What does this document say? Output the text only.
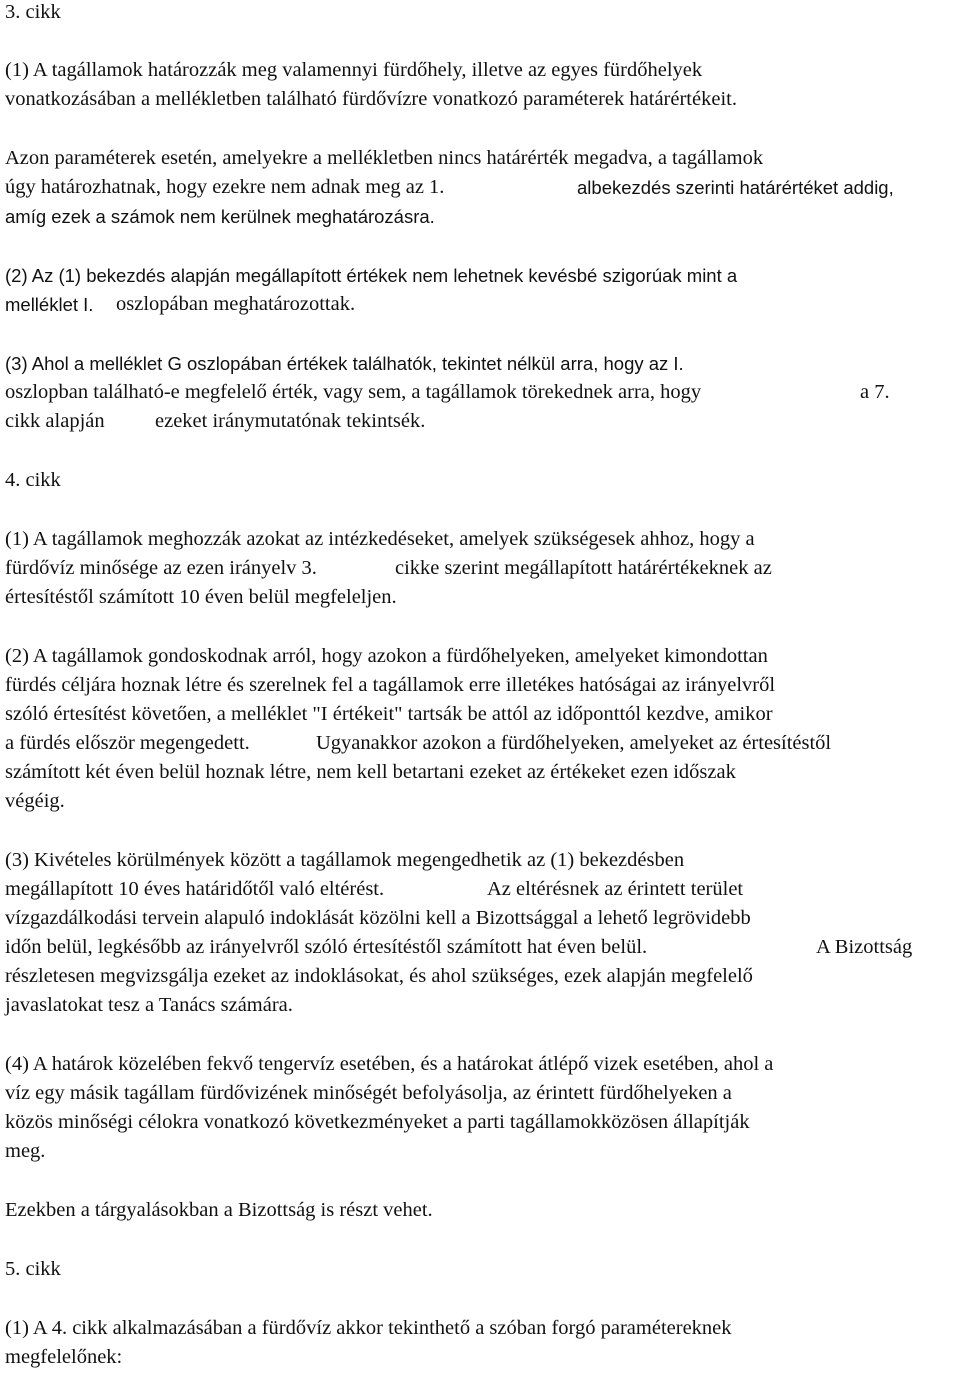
3. cikk
(1) A tagállamok határozzák meg valamennyi fürdőhely, illetve az egyes fürdőhelyek
vonatkozásában a mellékletben található fürdővízre vonatkozó paraméterek határértékeit.
Azon paraméterek esetén, amelyekre a mellékletben nincs határérték megadva, a tagállamok
úgy határozhatnak, hogy ezekre nem adnak meg az 1.	albekezdés szerinti határértéket addig,
amíg ezek a számok nem kerülnek meghatározásra.
(2) Az (1) bekezdés alapján megállapított értékek nem lehetnek kevésbé szigorúak mint a
melléklet I. oszlopában meghatározottak.
(3) Ahol a melléklet G oszlopában értékek találhatók, tekintet nélkül arra, hogy az I.
oszlopban található-e megfelelő érték, vagy sem, a tagállamok törekednek arra, hogy	a 7.
cikk alapján ezeket iránymutatónak tekintsék.
4. cikk
(1) A tagállamok meghozzák azokat az intézkedéseket, amelyek szükségesek ahhoz, hogy a
fürdővíz minősége az ezen irányelv 3.	cikke szerint megállapított határértékeknek az
értesítéstől számított 10 éven belül megfeleljen.
(2) A tagállamok gondoskodnak arról, hogy azokon a fürdőhelyeken, amelyeket kimondottan
fürdés céljára hoznak létre és szerelnek fel a tagállamok erre illetékes hatóságai az irányelvről
szóló értesítést követően, a melléklet "I értékeit" tartsák be attól az időponttól kezdve, amikor
a fürdés először megengedett.	Ugyanakkor azokon a fürdőhelyeken, amelyeket az értesítéstől
számított két éven belül hoznak létre, nem kell betartani ezeket az értékeket ezen időszak
végéig.
(3) Kivételes körülmények között a tagállamok megengedhetik az (1) bekezdésben
megállapított 10 éves határidőtől való eltérést.	Az eltérésnek az érintett terület
vízgazdálkodási tervein alapuló indoklását közölni kell a Bizottsággal a lehető legrövidebb
időn belül, legkésőbb az irányelvről szóló értesítéstől számított hat éven belül.	A Bizottság
részletesen megvizsgálja ezeket az indoklásokat, és ahol szükséges, ezek alapján megfelelő
javaslatokat tesz a Tanács számára.
(4) A határok közelében fekvő tengervíz esetében, és a határokat átlépő vizek esetében, ahol a
víz egy másik tagállam fürdővizének minőségét befolyásolja, az érintett fürdőhelyeken a
közös minőségi célokra vonatkozó következményeket a parti tagállamokközösen állapítják
meg.
Ezekben a tárgyalásokban a Bizottság is részt vehet.
5. cikk
(1) A 4. cikk alkalmazásában a fürdővíz akkor tekinthető a szóban forgó paramétereknek
megfelelőnek:
